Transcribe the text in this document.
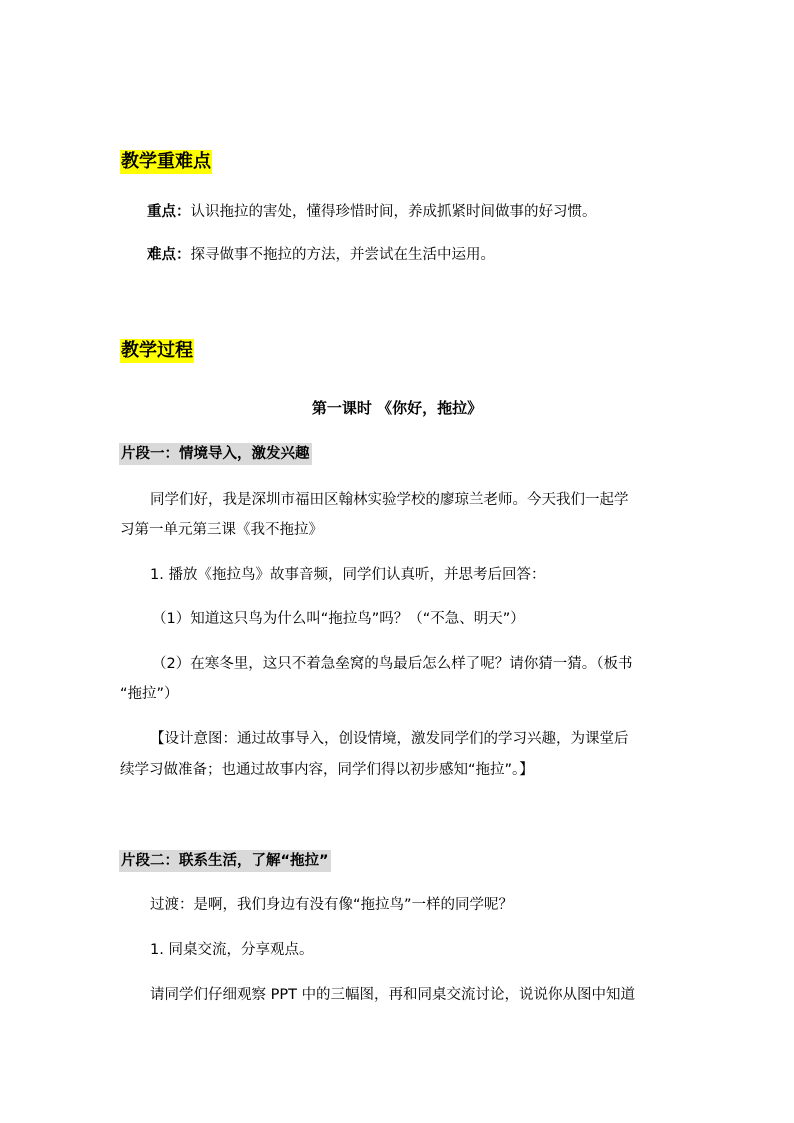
教学重难点
重点：认识拖拉的害处，懂得珍惜时间，养成抓紧时间做事的好习惯。
难点：探寻做事不拖拉的方法，并尝试在生活中运用。
教学过程
第一课时 《你好，拖拉》
片段一：情境导入，激发兴趣
同学们好，我是深圳市福田区翰林实验学校的廖琼兰老师。今天我们一起学
习第一单元第三课《我不拖拉》
1. 播放《拖拉鸟》故事音频，同学们认真听，并思考后回答：
（1）知道这只鸟为什么叫“拖拉鸟”吗？（“不急、明天”）
（2）在寒冬里，这只不着急垒窝的鸟最后怎么样了呢？请你猜一猜。（板书
“拖拉”）
【设计意图：通过故事导入，创设情境，激发同学们的学习兴趣，为课堂后
续学习做准备；也通过故事内容，同学们得以初步感知“拖拉”。】
片段二：联系生活，了解“拖拉”
过渡：是啊，我们身边有没有像“拖拉鸟”一样的同学呢？
1. 同桌交流，分享观点。
请同学们仔细观察 PPT 中的三幅图，再和同桌交流讨论，说说你从图中知道
